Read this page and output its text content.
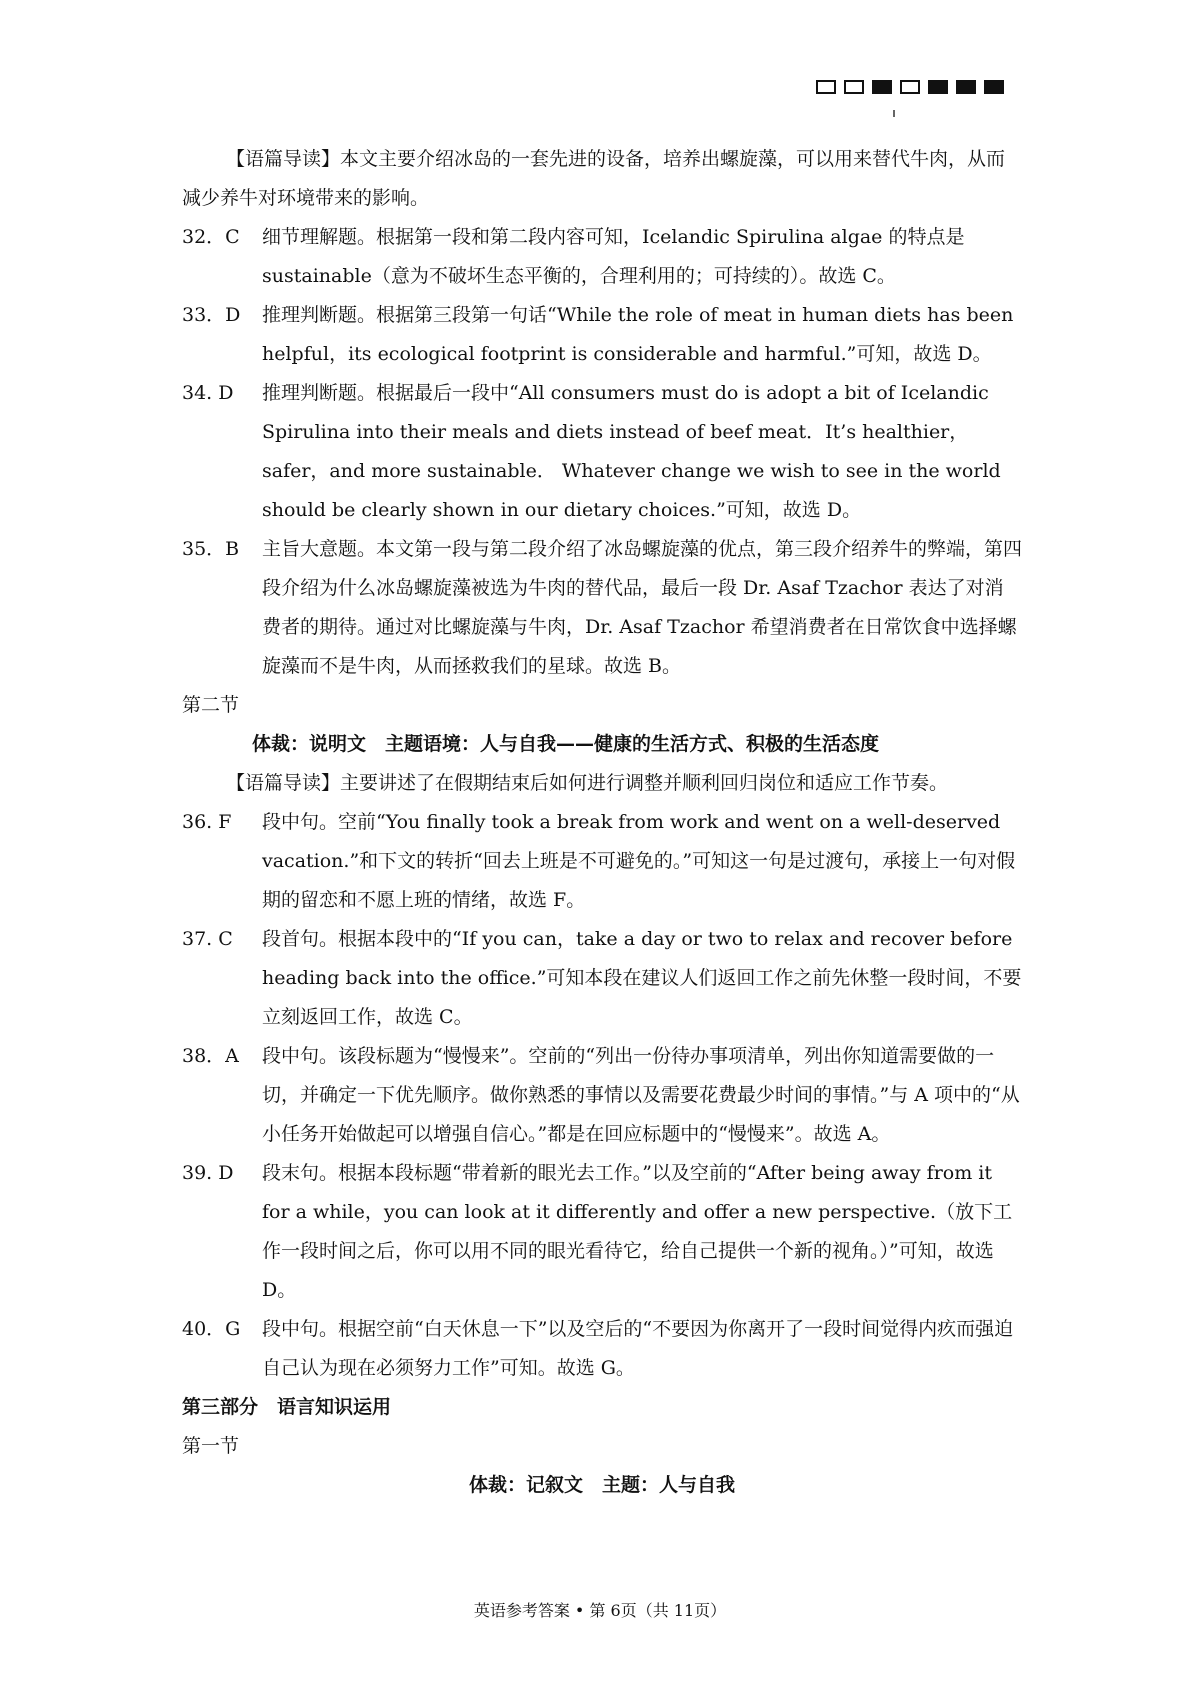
【语篇导读】本文主要介绍冰岛的一套先进的设备，培养出螺旋藻，可以用来替代牛肉，从而减少养牛对环境带来的影响。

32．C 细节理解题。根据第一段和第二段内容可知，Icelandic Spirulina algae 的特点是 sustainable（意为不破坏生态平衡的，合理利用的；可持续的）。故选 C。
33．D 推理判断题。根据第三段第一句话“While the role of meat in human diets has been helpful，its ecological footprint is considerable and harmful.”可知，故选 D。
34. D 推理判断题。根据最后一段中“All consumers must do is adopt a bit of Icelandic Spirulina into their meals and diets instead of beef meat．It’s healthier，safer，and more sustainable． Whatever change we wish to see in the world should be clearly shown in our dietary choices.”可知，故选 D。
35．B 主旨大意题。本文第一段与第二段介绍了冰岛螺旋藻的优点，第三段介绍养牛的弊端，第四段介绍为什么冰岛螺旋藻被选为牛肉的替代品，最后一段 Dr. Asaf Tzachor 表达了对消费者的期待。通过对比螺旋藻与牛肉，Dr. Asaf Tzachor 希望消费者在日常饮食中选择螺旋藻而不是牛肉，从而拯救我们的星球。故选 B。

第二节

体裁：说明文　主题语境：人与自我——健康的生活方式、积极的生活态度

【语篇导读】主要讲述了在假期结束后如何进行调整并顺利回归岗位和适应工作节奏。

36. F 段中句。空前“You finally took a break from work and went on a well-deserved vacation.”和下文的转折“回去上班是不可避免的。”可知这一句是过渡句，承接上一句对假期的留恋和不愿上班的情绪，故选 F。
37. C 段首句。根据本段中的“If you can，take a day or two to relax and recover before heading back into the office.”可知本段在建议人们返回工作之前先休整一段时间，不要立刻返回工作，故选 C。
38．A 段中句。该段标题为“慢慢来”。空前的“列出一份待办事项清单，列出你知道需要做的一切，并确定一下优先顺序。做你熟悉的事情以及需要花费最少时间的事情。”与 A 项中的“从小任务开始做起可以增强自信心。”都是在回应标题中的“慢慢来”。故选 A。
39. D 段末句。根据本段标题“带着新的眼光去工作。”以及空前的“After being away from it for a while，you can look at it differently and offer a new perspective.（放下工作一段时间之后，你可以用不同的眼光看待它，给自己提供一个新的视角。）”可知，故选 D。
40．G 段中句。根据空前“白天休息一下”以及空后的“不要因为你离开了一段时间觉得内疚而强迫自己认为现在必须努力工作”可知。故选 G。

第三部分　语言知识运用

第一节

体裁：记叙文　主题：人与自我

英语参考答案 • 第 6页（共 11页）
